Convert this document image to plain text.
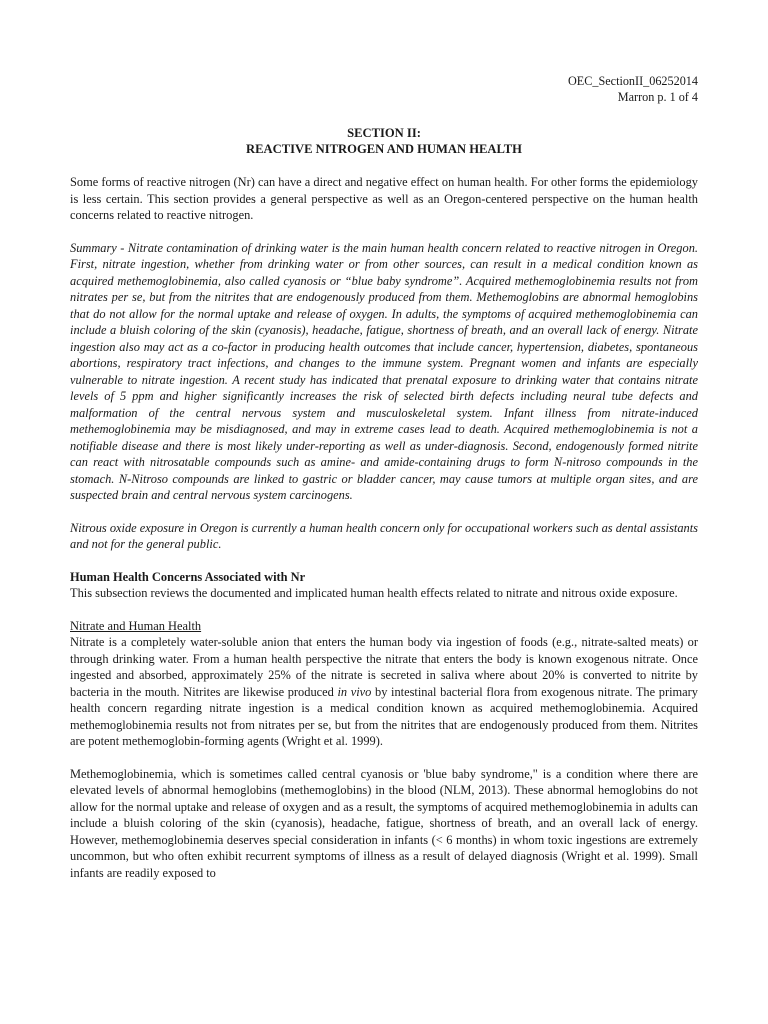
OEC_SectionII_06252014
Marron p. 1 of 4
SECTION II:
REACTIVE NITROGEN AND HUMAN HEALTH

Some forms of reactive nitrogen (Nr) can have a direct and negative effect on human health. For other forms the epidemiology is less certain. This section provides a general perspective as well as an Oregon-centered perspective on the human health concerns related to reactive nitrogen.

Summary - Nitrate contamination of drinking water is the main human health concern related to reactive nitrogen in Oregon. First, nitrate ingestion, whether from drinking water or from other sources, can result in a medical condition known as acquired methemoglobinemia, also called cyanosis or “blue baby syndrome”. Acquired methemoglobinemia results not from nitrates per se, but from the nitrites that are endogenously produced from them. Methemoglobins are abnormal hemoglobins that do not allow for the normal uptake and release of oxygen. In adults, the symptoms of acquired methemoglobinemia can include a bluish coloring of the skin (cyanosis), headache, fatigue, shortness of breath, and an overall lack of energy. Nitrate ingestion also may act as a co-factor in producing health outcomes that include cancer, hypertension, diabetes, spontaneous abortions, respiratory tract infections, and changes to the immune system. Pregnant women and infants are especially vulnerable to nitrate ingestion. A recent study has indicated that prenatal exposure to drinking water that contains nitrate levels of 5 ppm and higher significantly increases the risk of selected birth defects including neural tube defects and malformation of the central nervous system and musculoskeletal system. Infant illness from nitrate-induced methemoglobinemia may be misdiagnosed, and may in extreme cases lead to death. Acquired methemoglobinemia is not a notifiable disease and there is most likely under-reporting as well as under-diagnosis. Second, endogenously formed nitrite can react with nitrosatable compounds such as amine- and amide-containing drugs to form N-nitroso compounds in the stomach. N-Nitroso compounds are linked to gastric or bladder cancer, may cause tumors at multiple organ sites, and are suspected brain and central nervous system carcinogens.

Nitrous oxide exposure in Oregon is currently a human health concern only for occupational workers such as dental assistants and not for the general public.

Human Health Concerns Associated with Nr

This subsection reviews the documented and implicated human health effects related to nitrate and nitrous oxide exposure.

Nitrate and Human Health

Nitrate is a completely water-soluble anion that enters the human body via ingestion of foods (e.g., nitrate-salted meats) or through drinking water. From a human health perspective the nitrate that enters the body is known exogenous nitrate. Once ingested and absorbed, approximately 25% of the nitrate is secreted in saliva where about 20% is converted to nitrite by bacteria in the mouth. Nitrites are likewise produced in vivo by intestinal bacterial flora from exogenous nitrate. The primary health concern regarding nitrate ingestion is a medical condition known as acquired methemoglobinemia. Acquired methemoglobinemia results not from nitrates per se, but from the nitrites that are endogenously produced from them. Nitrites are potent methemoglobin-forming agents (Wright et al. 1999).

Methemoglobinemia, which is sometimes called central cyanosis or 'blue baby syndrome," is a condition where there are elevated levels of abnormal hemoglobins (methemoglobins) in the blood (NLM, 2013). These abnormal hemoglobins do not allow for the normal uptake and release of oxygen and as a result, the symptoms of acquired methemoglobinemia in adults can include a bluish coloring of the skin (cyanosis), headache, fatigue, shortness of breath, and an overall lack of energy. However, methemoglobinemia deserves special consideration in infants (< 6 months) in whom toxic ingestions are extremely uncommon, but who often exhibit recurrent symptoms of illness as a result of delayed diagnosis (Wright et al. 1999). Small infants are readily exposed to
